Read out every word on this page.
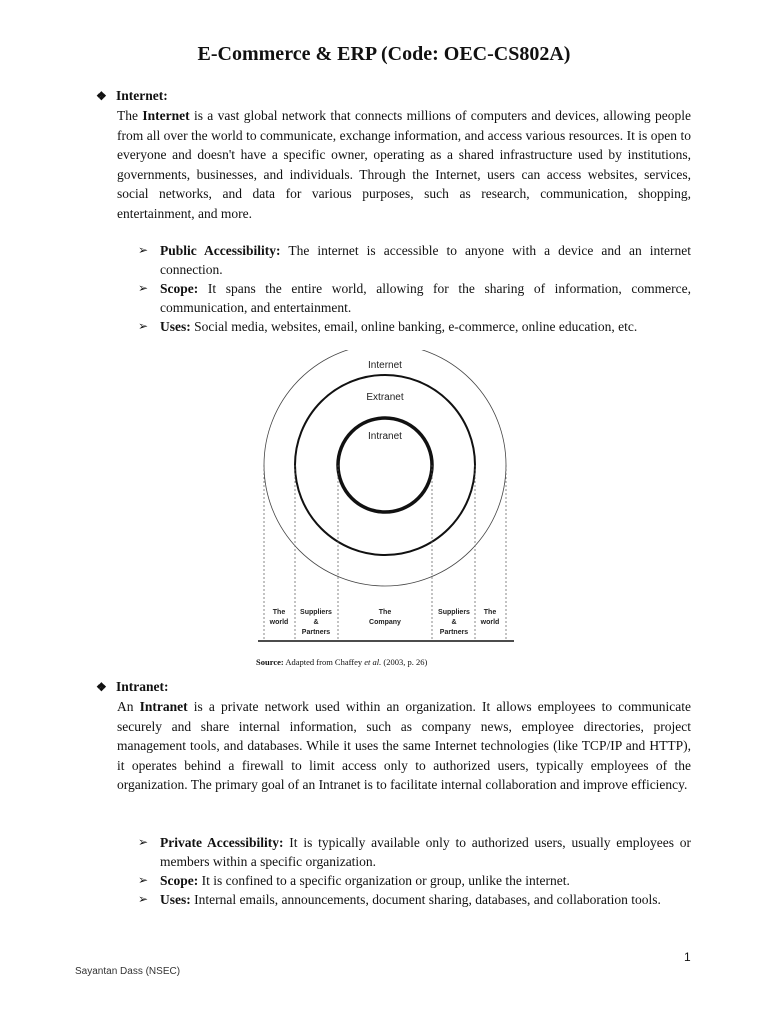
E-Commerce & ERP (Code: OEC-CS802A)

❖ Internet:

The Internet is a vast global network that connects millions of computers and devices, allowing people from all over the world to communicate, exchange information, and access various resources. It is open to everyone and doesn't have a specific owner, operating as a shared infrastructure used by institutions, governments, businesses, and individuals. Through the Internet, users can access websites, services, social networks, and data for various purposes, such as research, communication, shopping, entertainment, and more.

➢ Public Accessibility: The internet is accessible to anyone with a device and an internet connection.
➢ Scope: It spans the entire world, allowing for the sharing of information, commerce, communication, and entertainment.
➢ Uses: Social media, websites, email, online banking, e-commerce, online education, etc.
Internet
Extranet
Intranet
The
world
Suppliers
&
Partners
The
Company
Suppliers
&
Partners
The
world

Source: Adapted from Chaffey et al. (2003, p. 26)

❖ Intranet:

An Intranet is a private network used within an organization. It allows employees to communicate securely and share internal information, such as company news, employee directories, project management tools, and databases. While it uses the same Internet technologies (like TCP/IP and HTTP), it operates behind a firewall to limit access only to authorized users, typically employees of the organization. The primary goal of an Intranet is to facilitate internal collaboration and improve efficiency.

➢ Private Accessibility: It is typically available only to authorized users, usually employees or members within a specific organization.
➢ Scope: It is confined to a specific organization or group, unlike the internet.
➢ Uses: Internal emails, announcements, document sharing, databases, and collaboration tools.
1
Sayantan Dass (NSEC)
